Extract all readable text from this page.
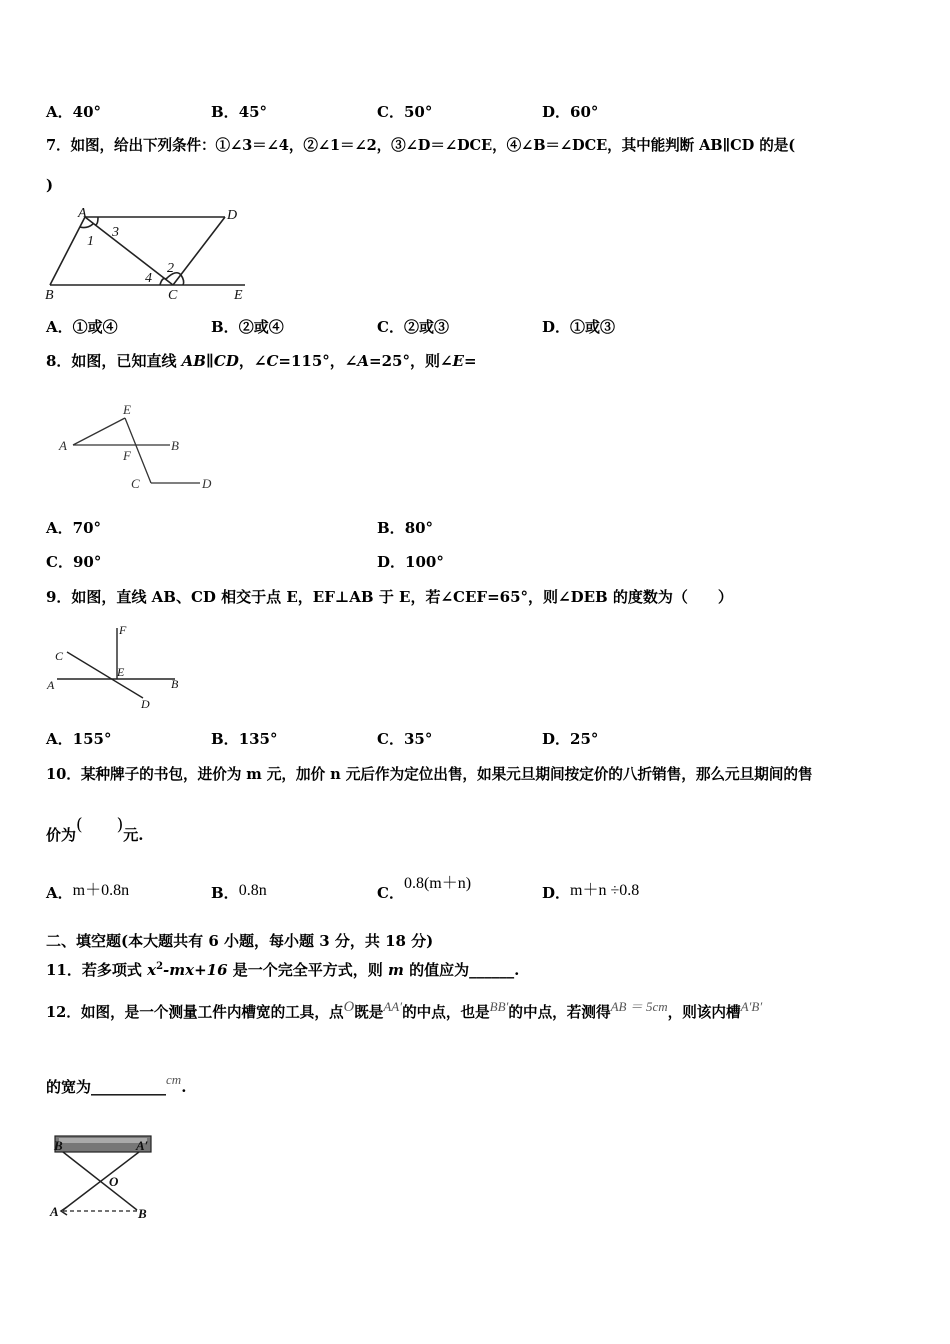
A．40°	B．45°	C．50°	D．60°
7．如图，给出下列条件：①∠3＝∠4，②∠1＝∠2，③∠D＝∠DCE，④∠B＝∠DCE，其中能判断 AB∥CD 的是(
)
A	D
B	C	E
1
3
4
2
A．①或④	B．②或④	C．②或③	D．①或③
8．如图，已知直线 AB∥CD，∠C=115°，∠A=25°，则∠E=
E
A	B
F
C	D
A．70°	B．80°
C．90°	D．100°
9．如图，直线 AB、CD 相交于点 E，EF⊥AB 于 E，若∠CEF=65°，则∠DEB 的度数为（　　）
F
C
E
A	B
D
A．155°	B．135°	C．35°	D．25°
10．某种牌子的书包，进价为 m 元，加价 n 元后作为定位出售，如果元旦期间按定价的八折销售，那么元旦期间的售
价为(　　)元.
A．m＋0.8n	B．0.8n	C．0.8(m＋n)
D．m＋n ÷0.8
二、填空题(本大题共有 6 小题，每小题 3 分，共 18 分)
11．若多项式 $x^2-mx+16$ 是一个完全平方式，则 m 的值应为______.
12．如图，是一个测量工件内槽宽的工具，点O既是AA′的中点，也是BB′的中点，若测得AB ＝ 5cm，则该内槽A′B′
的宽为__________cm.
B	A′
O
A	B
